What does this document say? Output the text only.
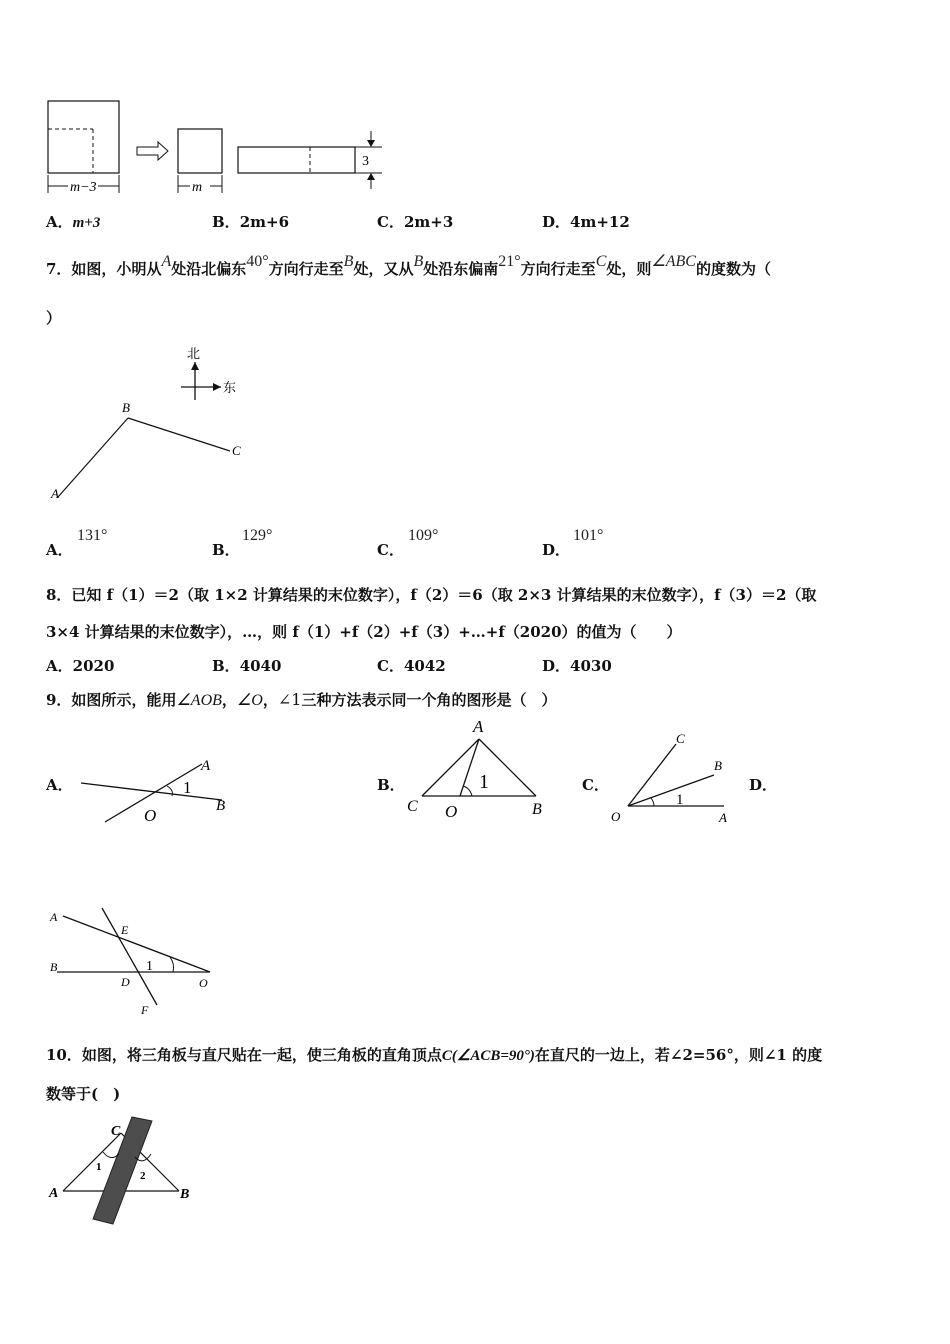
m−3	m
3
A．m+3	B．2m+6	C．2m+3	D．4m+12
7．如图，小明从A处沿北偏东40°方向行走至B处，又从B处沿东偏南21°方向行走至C处，则∠ABC的度数为（
）
北
东
A
B
C
A．
131°
B．
129°
C．
109°
D．
101°
8．已知 f（1）＝2（取 1×2 计算结果的末位数字），f（2）＝6（取 2×3 计算结果的末位数字），f（3）＝2（取
3×4 计算结果的末位数字），…，则 f（1）+f（2）+f（3）+…+f（2020）的值为（　　）
A．2020	B．4040	C．4042	D．4030
9．如图所示，能用∠AOB，∠O，∠1三种方法表示同一个角的图形是（　）
A．
A
B
O
1	B．
A
C O	B
1	C．
C
B
O	A
1
D．
A
E
B
D	O
F
1
10．如图，将三角板与直尺贴在一起，使三角板的直角顶点C(∠ACB=90°)在直尺的一边上，若∠2=56°，则∠1 的度
数等于(　)
C
A	B
1
2
